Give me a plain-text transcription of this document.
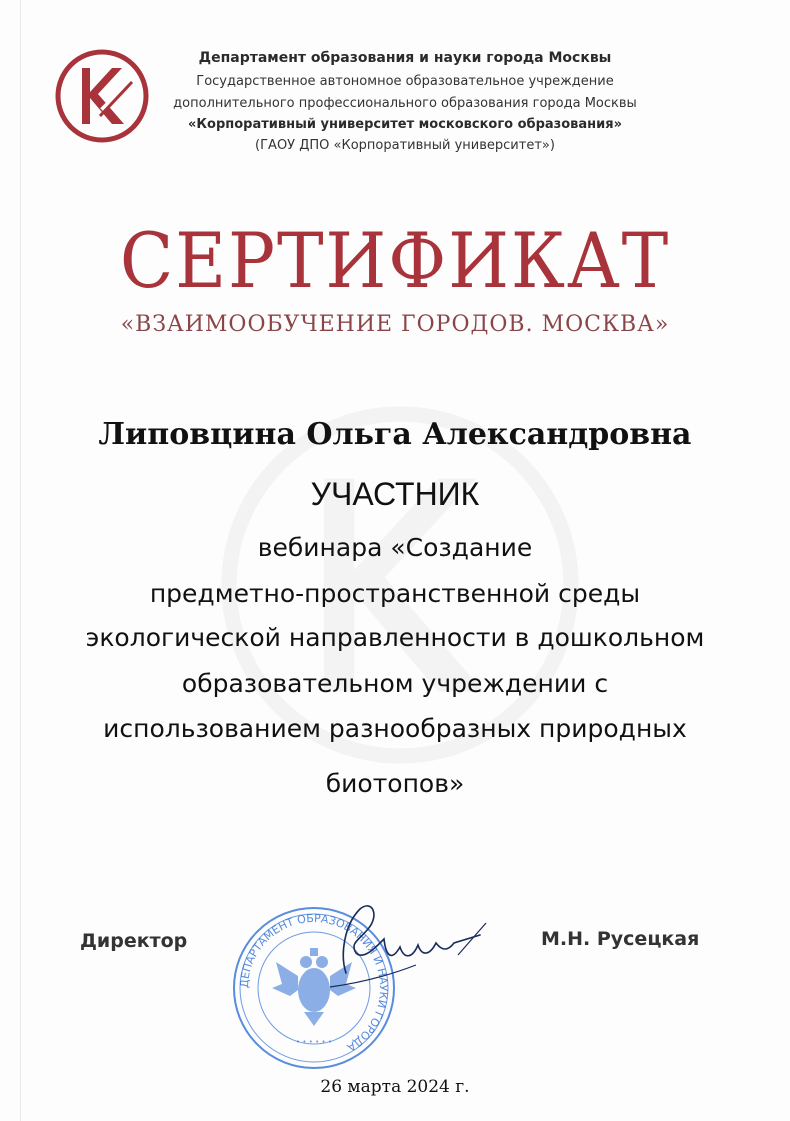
Департамент образования и науки города Москвы
Государственное автономное образовательное учреждение
дополнительного профессионального образования города Москвы
«Корпоративный университет московского образования»
(ГАОУ ДПО «Корпоративный университет»)
СЕРТИФИКАТ
«ВЗАИМООБУЧЕНИЕ ГОРОДОВ. МОСКВА»
Липовцина Ольга Александровна
УЧАСТНИК
вебинара «Создание
предметно-пространственной среды
экологической направленности в дошкольном
образовательном учреждении с
использованием разнообразных природных
биотопов»
Директор
ДЕПАРТАМЕНТ ОБРАЗОВАНИЯ И НАУКИ ГОРОДА
• • • • • •
М.Н. Русецкая
26 марта 2024 г.
